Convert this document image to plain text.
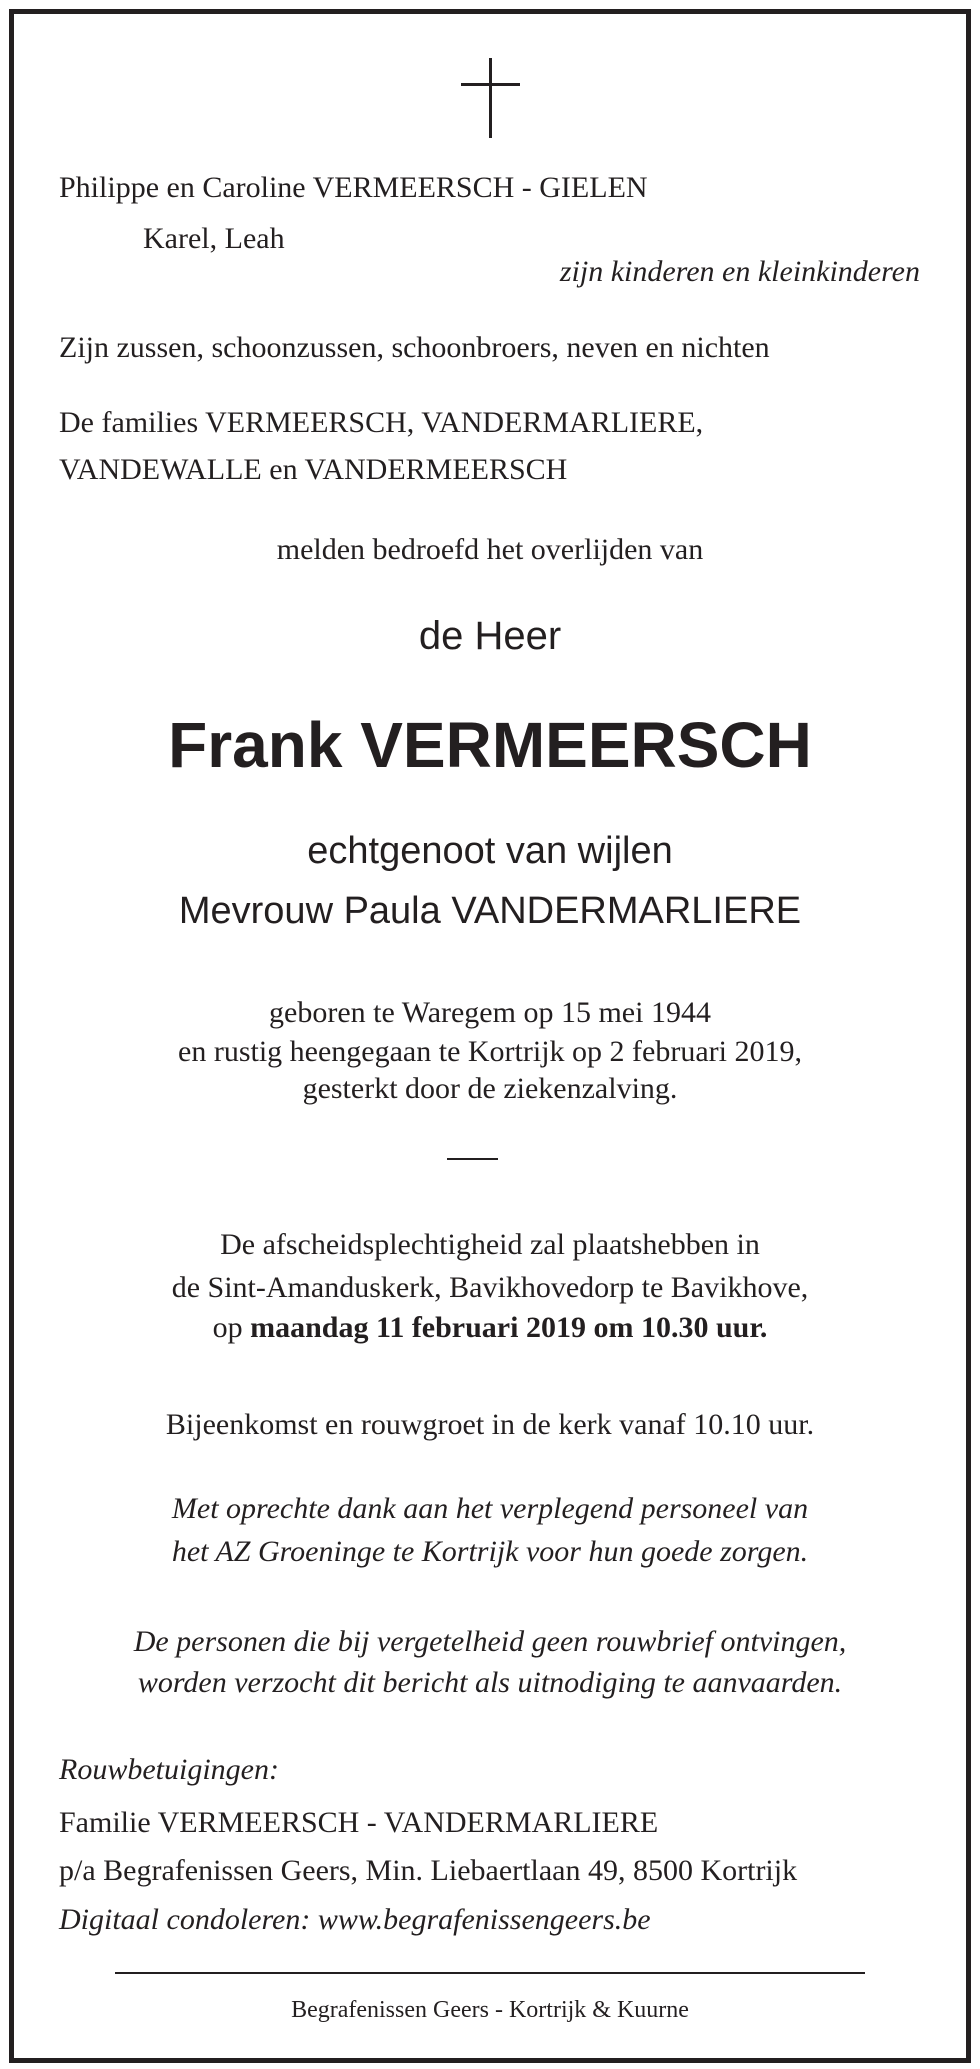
Philippe en Caroline VERMEERSCH - GIELEN
Karel, Leah
zijn kinderen en kleinkinderen
Zijn zussen, schoonzussen, schoonbroers, neven en nichten
De families VERMEERSCH, VANDERMARLIERE,
VANDEWALLE en VANDERMEERSCH
melden bedroefd het overlijden van
de Heer
Frank VERMEERSCH
echtgenoot van wijlen
Mevrouw Paula VANDERMARLIERE
geboren te Waregem op 15 mei 1944
en rustig heengegaan te Kortrijk op 2 februari 2019,
gesterkt door de ziekenzalving.
De afscheidsplechtigheid zal plaatshebben in
de Sint-Amanduskerk, Bavikhovedorp te Bavikhove,
op maandag 11 februari 2019 om 10.30 uur.
Bijeenkomst en rouwgroet in de kerk vanaf 10.10 uur.
Met oprechte dank aan het verplegend personeel van
het AZ Groeninge te Kortrijk voor hun goede zorgen.
De personen die bij vergetelheid geen rouwbrief ontvingen,
worden verzocht dit bericht als uitnodiging te aanvaarden.
Rouwbetuigingen:
Familie VERMEERSCH - VANDERMARLIERE
p/a Begrafenissen Geers, Min. Liebaertlaan 49, 8500 Kortrijk
Digitaal condoleren: www.begrafenissengeers.be
Begrafenissen Geers - Kortrijk & Kuurne
